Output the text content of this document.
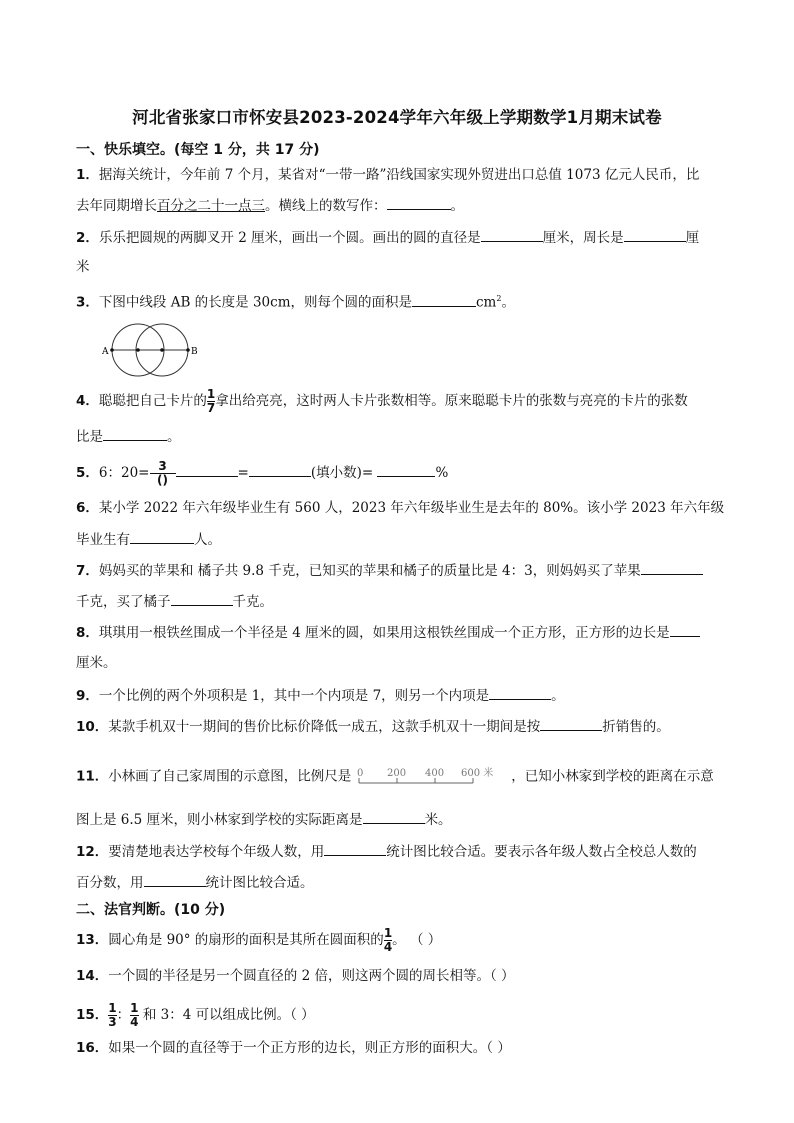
河北省张家口市怀安县2023-2024学年六年级上学期数学1月期末试卷
一、快乐填空。(每空 1 分，共 17 分)
1．据海关统计，今年前 7 个月，某省对“一带一路”沿线国家实现外贸进出口总值 1073 亿元人民币，比
去年同期增长百分之二十一点三。横线上的数写作：	。
2．乐乐把圆规的两脚叉开 2 厘米，画出一个圆。画出的圆的直径是	厘米，周长是	厘
米
3．下图中线段 AB 的长度是 30cm，则每个圆的面积是	$cm^2$。
A	B
4．聪聪把自己卡片的 $\frac{1}{7}$ 拿出给亮亮，这时两人卡片张数相等。原来聪聪卡片的张数与亮亮的卡片的张数
比是	。
5．6：$20= \frac{3}{()}$	=	(填小数)=	%
6．某小学 2022 年六年级毕业生有 560 人，2023 年六年级毕业生是去年的 80%。该小学 2023 年六年级
毕业生有	人。
7．妈妈买的苹果和 橘子共 9.8 千克，已知买的苹果和橘子的质量比是 4：3，则妈妈买了苹果
千克，买了橘子	千克。
8．琪琪用一根铁丝围成一个半径是 4 厘米的圆，如果用这根铁丝围成一个正方形，正方形的边长是
厘米。
9．一个比例的两个外项积是 1，其中一个内项是 7，则另一个内项是	。
10．某款手机双十一期间的售价比标价降低一成五，这款手机双十一期间是按	折销售的。
11．小林画了自己家周围的示意图，比例尺是 0 200 400 600 米 ，已知小林家到学校的距离在示意
图上是 6.5 厘米，则小林家到学校的实际距离是	米。
12．要清楚地表达学校每个年级人数，用	统计图比较合适。要表示各年级人数占全校总人数的
百分数，用	统计图比较合适。
二、法官判断。(10 分)
13．圆心角是 90° 的扇形的面积是其所在圆面积的 $\frac{1}{4}$ 。 （ ）
14．一个圆的半径是另一个圆直径的 2 倍，则这两个圆的周长相等。（ ）
15． $\frac{1}{3}$ ： $\frac{1}{4}$ 和 3：4 可以组成比例。（ ）
16．如果一个圆的直径等于一个正方形的边长，则正方形的面积大。（ ）
